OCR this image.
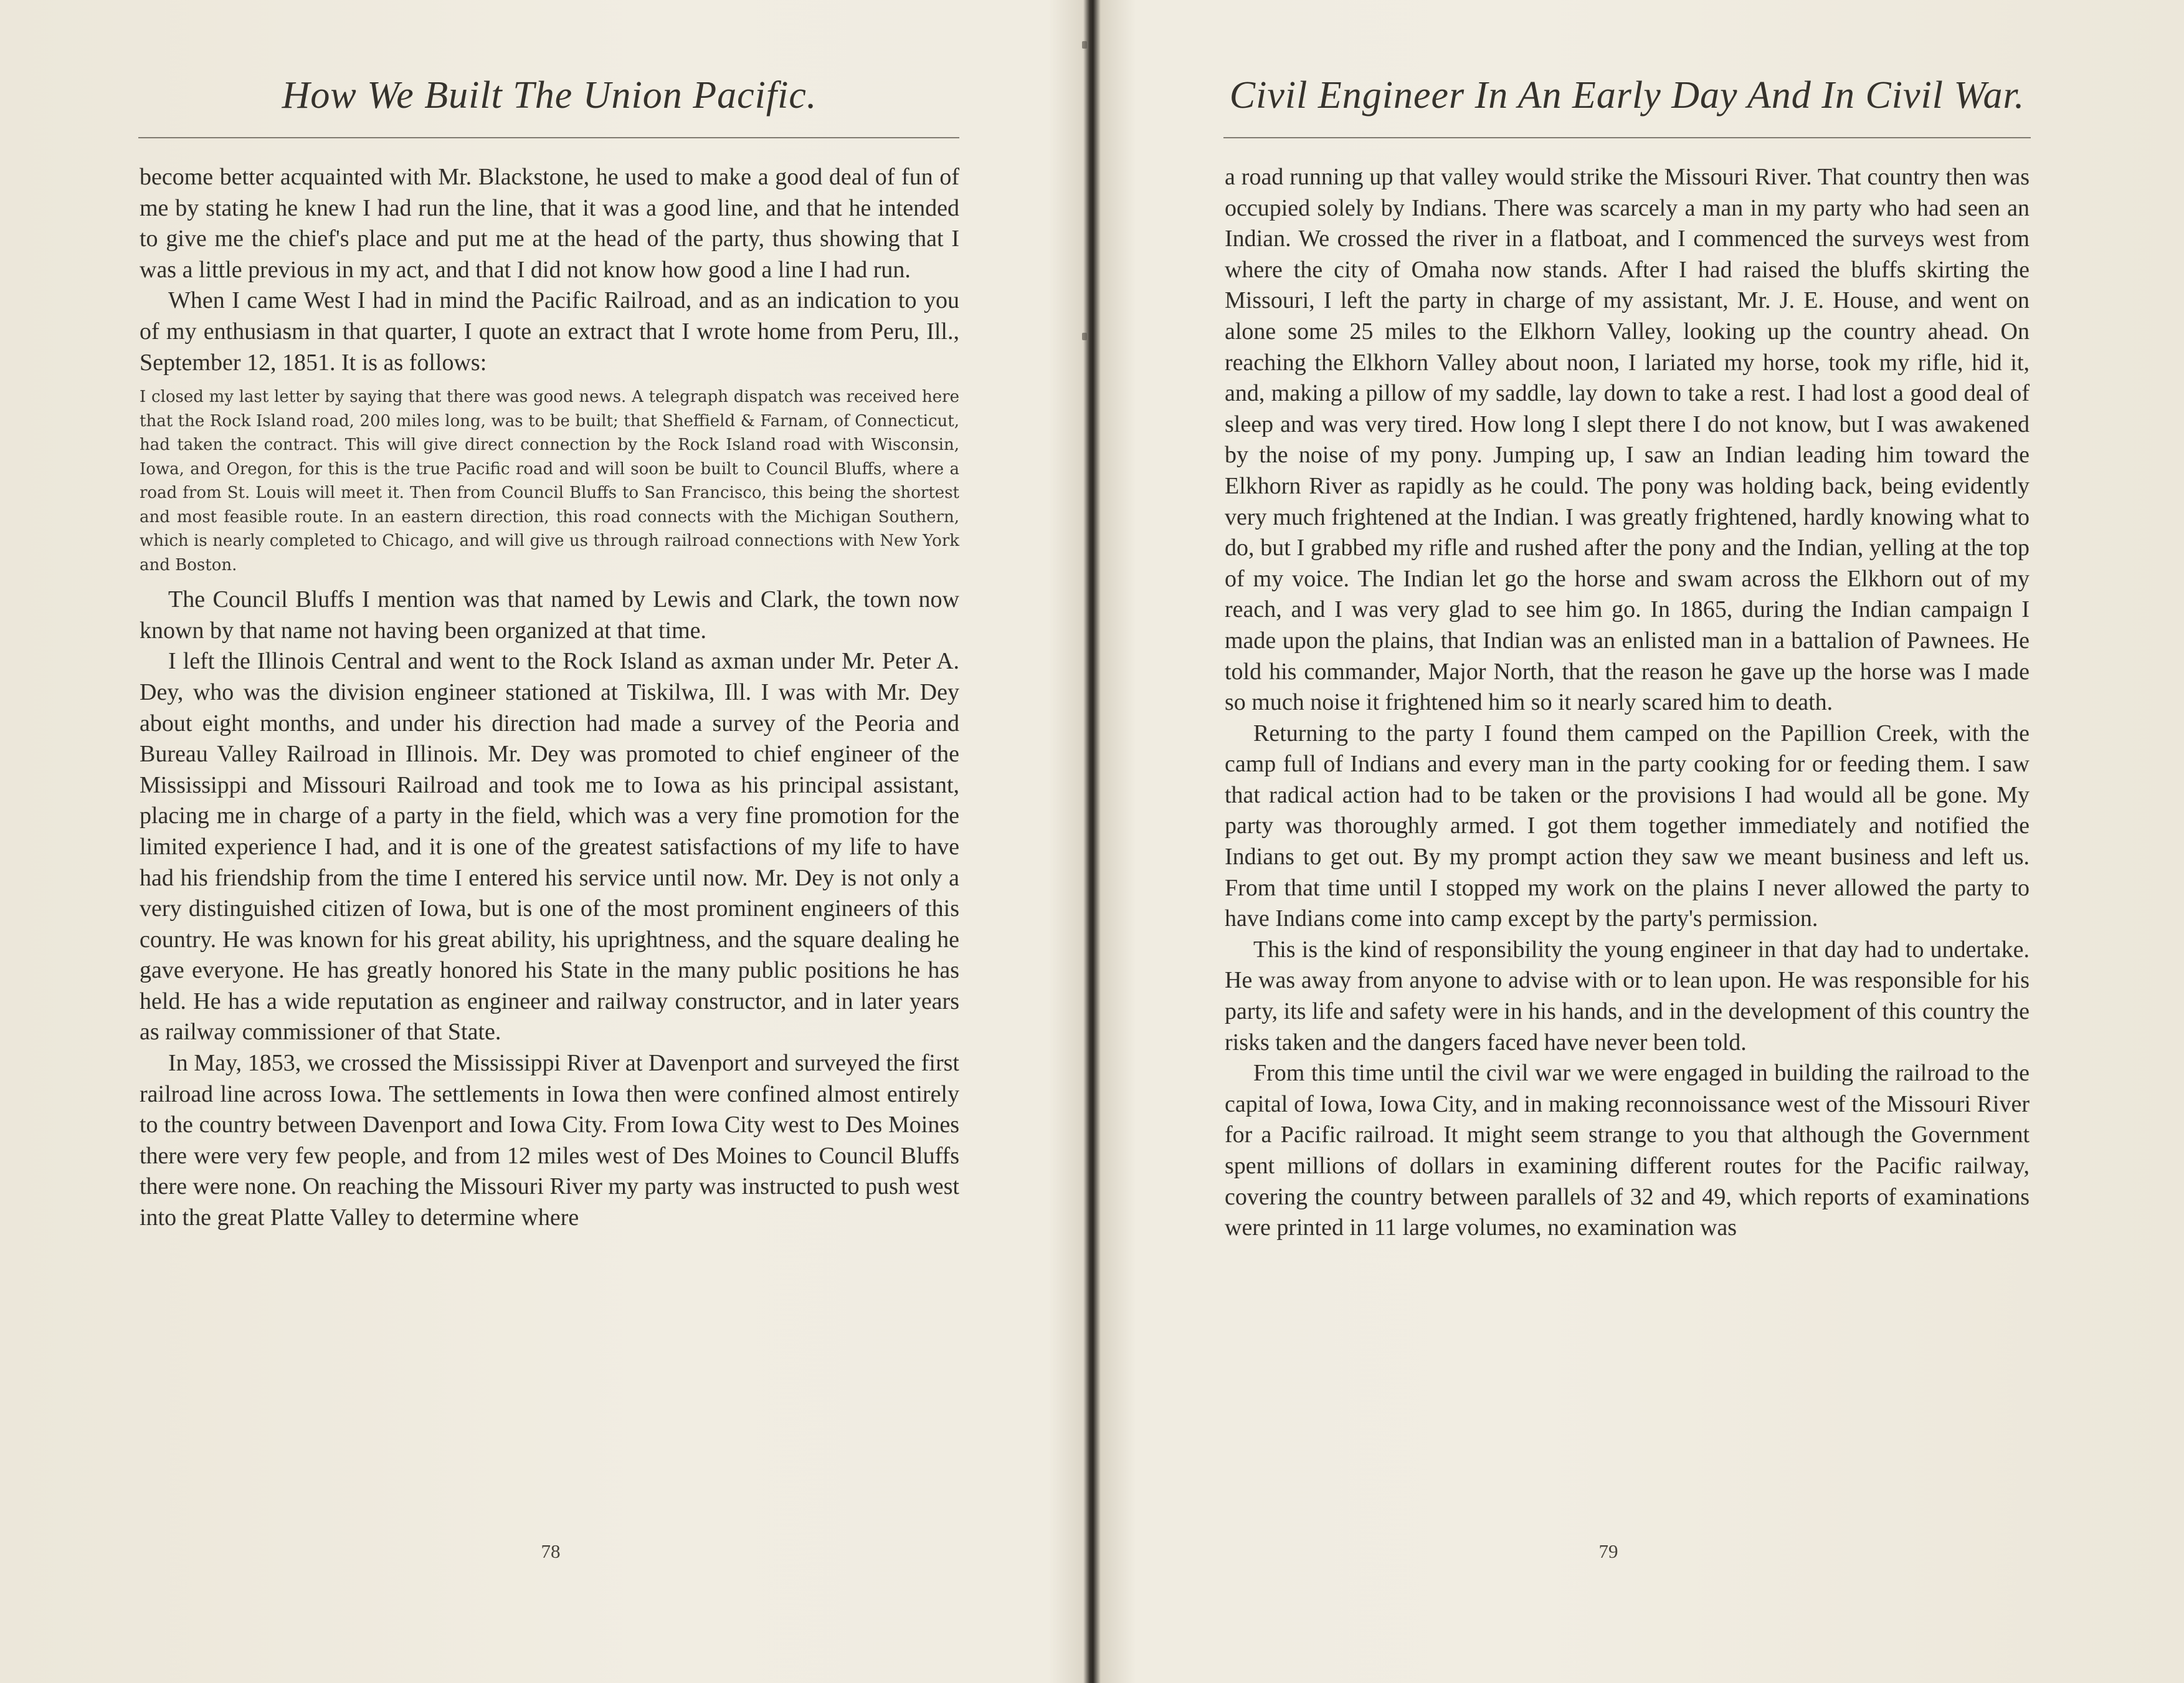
How We Built The Union Pacific.

become better acquainted with Mr. Blackstone, he used to make a good deal of fun of me by stating he knew I had run the line, that it was a good line, and that he intended to give me the chief's place and put me at the head of the party, thus showing that I was a little previous in my act, and that I did not know how good a line I had run.

When I came West I had in mind the Pacific Railroad, and as an indication to you of my enthusiasm in that quarter, I quote an extract that I wrote home from Peru, Ill., September 12, 1851. It is as follows:

I closed my last letter by saying that there was good news. A telegraph dispatch was received here that the Rock Island road, 200 miles long, was to be built; that Sheffield & Farnam, of Connecticut, had taken the contract. This will give direct connection by the Rock Island road with Wisconsin, Iowa, and Oregon, for this is the true Pacific road and will soon be built to Council Bluffs, where a road from St. Louis will meet it. Then from Council Bluffs to San Francisco, this being the shortest and most feasible route. In an eastern direction, this road connects with the Michigan Southern, which is nearly completed to Chicago, and will give us through railroad connections with New York and Boston.

The Council Bluffs I mention was that named by Lewis and Clark, the town now known by that name not having been organized at that time.

I left the Illinois Central and went to the Rock Island as axman under Mr. Peter A. Dey, who was the division engineer stationed at Tiskilwa, Ill. I was with Mr. Dey about eight months, and under his direction had made a survey of the Peoria and Bureau Valley Railroad in Illinois. Mr. Dey was promoted to chief engineer of the Mississippi and Missouri Railroad and took me to Iowa as his principal assistant, placing me in charge of a party in the field, which was a very fine promotion for the limited experience I had, and it is one of the greatest satisfactions of my life to have had his friendship from the time I entered his service until now. Mr. Dey is not only a very distinguished citizen of Iowa, but is one of the most prominent engineers of this country. He was known for his great ability, his uprightness, and the square dealing he gave everyone. He has greatly honored his State in the many public positions he has held. He has a wide reputation as engineer and railway constructor, and in later years as railway commissioner of that State.

In May, 1853, we crossed the Mississippi River at Davenport and surveyed the first railroad line across Iowa. The settlements in Iowa then were confined almost entirely to the country between Davenport and Iowa City. From Iowa City west to Des Moines there were very few people, and from 12 miles west of Des Moines to Council Bluffs there were none. On reaching the Missouri River my party was instructed to push west into the great Platte Valley to determine where

78

Civil Engineer In An Early Day And In Civil War.

a road running up that valley would strike the Missouri River. That country then was occupied solely by Indians. There was scarcely a man in my party who had seen an Indian. We crossed the river in a flatboat, and I commenced the surveys west from where the city of Omaha now stands. After I had raised the bluffs skirting the Missouri, I left the party in charge of my assistant, Mr. J. E. House, and went on alone some 25 miles to the Elkhorn Valley, looking up the country ahead. On reaching the Elkhorn Valley about noon, I lariated my horse, took my rifle, hid it, and, making a pillow of my saddle, lay down to take a rest. I had lost a good deal of sleep and was very tired. How long I slept there I do not know, but I was awakened by the noise of my pony. Jumping up, I saw an Indian leading him toward the Elkhorn River as rapidly as he could. The pony was holding back, being evidently very much frightened at the Indian. I was greatly frightened, hardly knowing what to do, but I grabbed my rifle and rushed after the pony and the Indian, yelling at the top of my voice. The Indian let go the horse and swam across the Elkhorn out of my reach, and I was very glad to see him go. In 1865, during the Indian campaign I made upon the plains, that Indian was an enlisted man in a battalion of Pawnees. He told his commander, Major North, that the reason he gave up the horse was I made so much noise it frightened him so it nearly scared him to death.

Returning to the party I found them camped on the Papillion Creek, with the camp full of Indians and every man in the party cooking for or feeding them. I saw that radical action had to be taken or the provisions I had would all be gone. My party was thoroughly armed. I got them together immediately and notified the Indians to get out. By my prompt action they saw we meant business and left us. From that time until I stopped my work on the plains I never allowed the party to have Indians come into camp except by the party's permission.

This is the kind of responsibility the young engineer in that day had to undertake. He was away from anyone to advise with or to lean upon. He was responsible for his party, its life and safety were in his hands, and in the development of this country the risks taken and the dangers faced have never been told.

From this time until the civil war we were engaged in building the railroad to the capital of Iowa, Iowa City, and in making reconnoissance west of the Missouri River for a Pacific railroad. It might seem strange to you that although the Government spent millions of dollars in examining different routes for the Pacific railway, covering the country between parallels of 32 and 49, which reports of examinations were printed in 11 large volumes, no examination was

79
